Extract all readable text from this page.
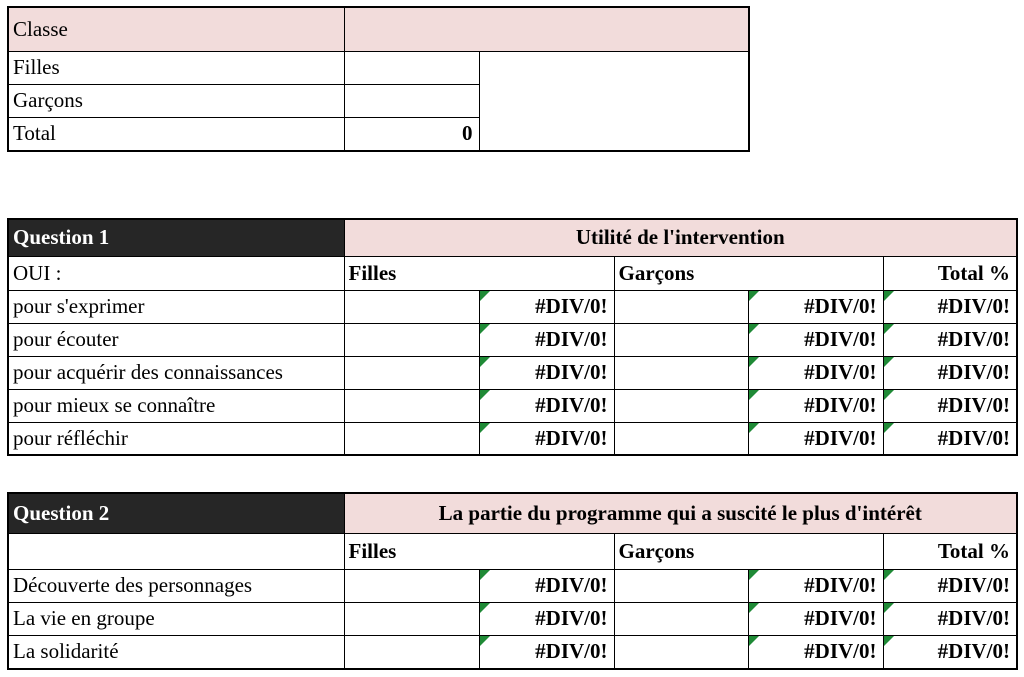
Classe		
Filles		
Garçons		
Total	0	
Question 1	Utilité de l'intervention				
OUI :	Filles		Garçons		Total %
pour s'exprimer		#DIV/0!		#DIV/0!	#DIV/0!
pour écouter		#DIV/0!		#DIV/0!	#DIV/0!
pour acquérir des connaissances		#DIV/0!		#DIV/0!	#DIV/0!
pour mieux se connaître		#DIV/0!		#DIV/0!	#DIV/0!
pour réfléchir		#DIV/0!		#DIV/0!	#DIV/0!
Question 2	La partie du programme qui a suscité le plus d'intérêt				
	Filles		Garçons		Total %
Découverte des personnages		#DIV/0!		#DIV/0!	#DIV/0!
La vie en groupe		#DIV/0!		#DIV/0!	#DIV/0!
La solidarité		#DIV/0!		#DIV/0!	#DIV/0!
